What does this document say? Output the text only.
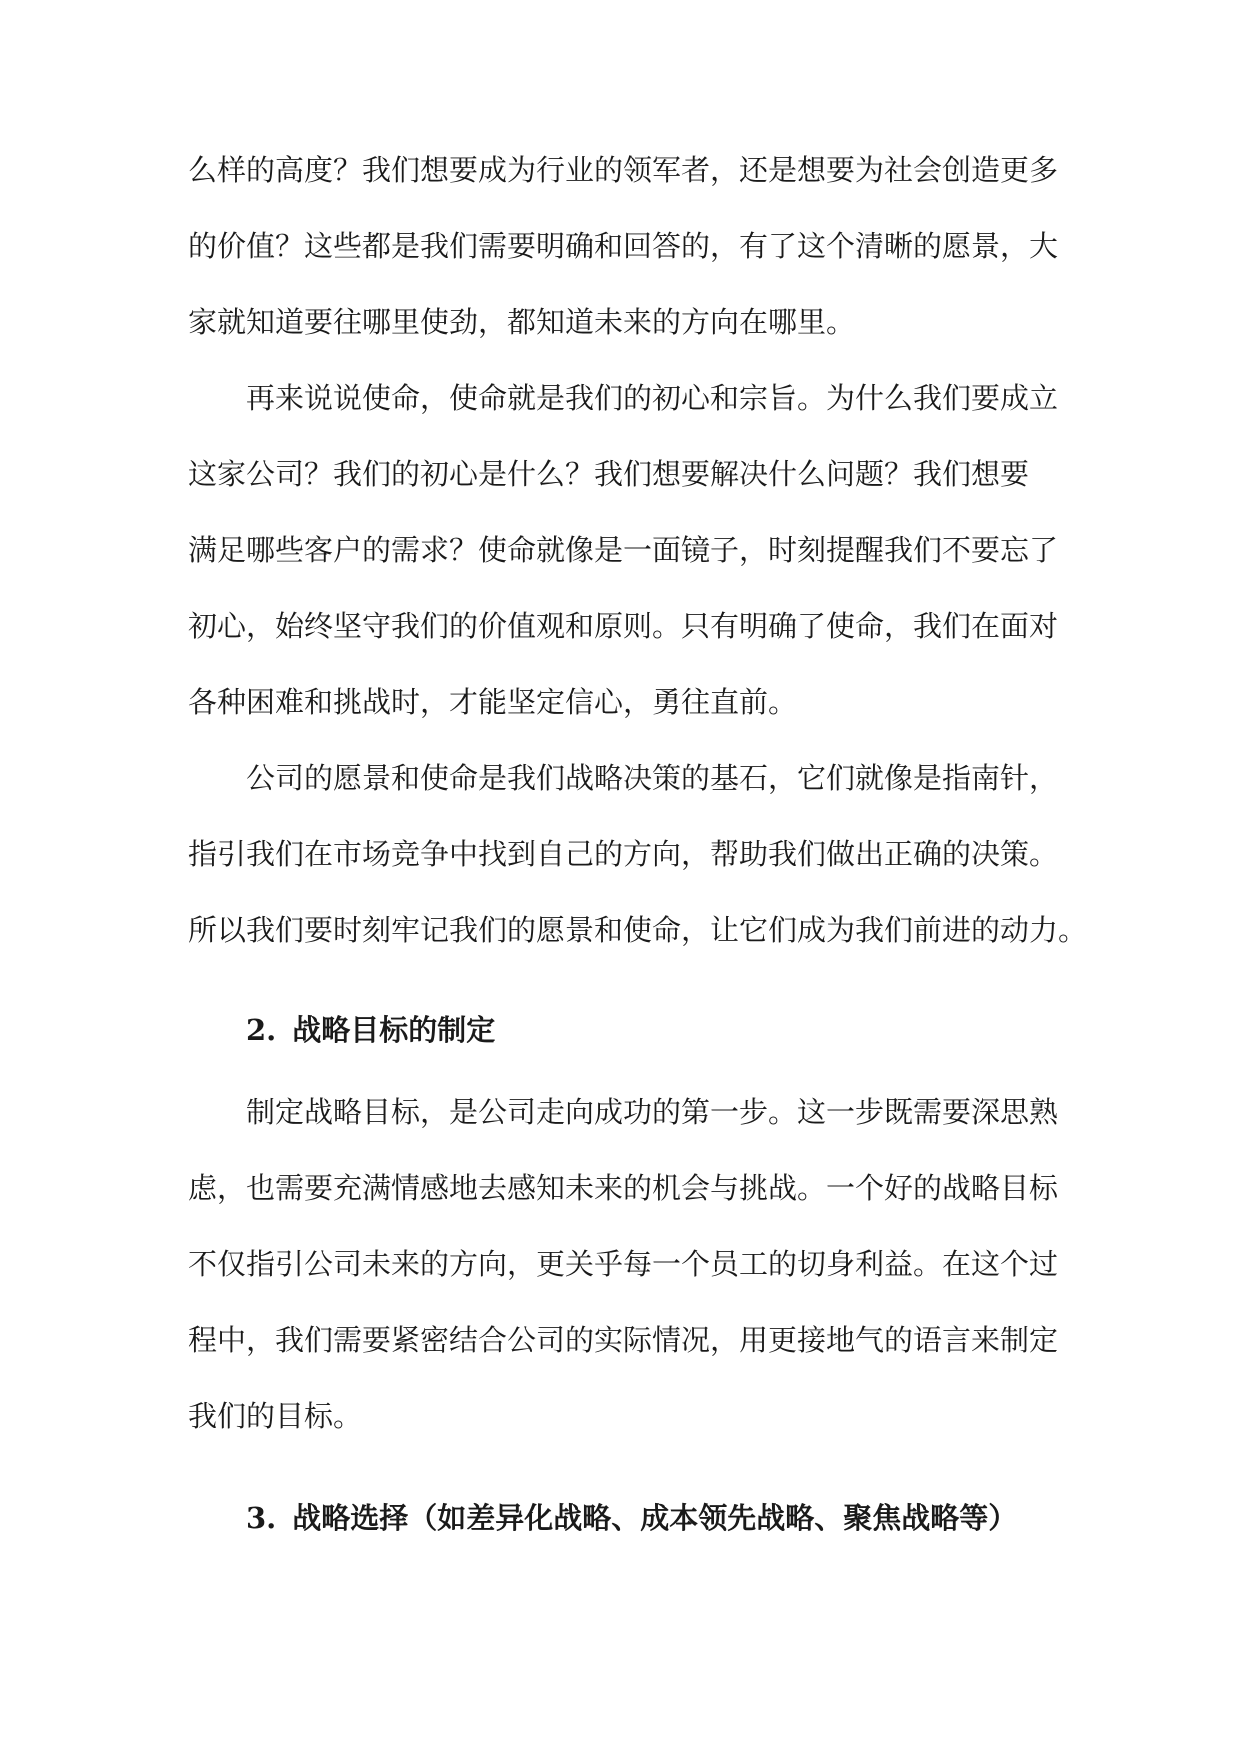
么样的高度？我们想要成为行业的领军者，还是想要为社会创造更多
的价值？这些都是我们需要明确和回答的，有了这个清晰的愿景，大
家就知道要往哪里使劲，都知道未来的方向在哪里。
再来说说使命，使命就是我们的初心和宗旨。为什么我们要成立
这家公司？我们的初心是什么？我们想要解决什么问题？我们想要
满足哪些客户的需求？使命就像是一面镜子，时刻提醒我们不要忘了
初心，始终坚守我们的价值观和原则。只有明确了使命，我们在面对
各种困难和挑战时，才能坚定信心，勇往直前。
公司的愿景和使命是我们战略决策的基石，它们就像是指南针，
指引我们在市场竞争中找到自己的方向，帮助我们做出正确的决策。
所以我们要时刻牢记我们的愿景和使命，让它们成为我们前进的动力。
2. 战略目标的制定
制定战略目标，是公司走向成功的第一步。这一步既需要深思熟
虑，也需要充满情感地去感知未来的机会与挑战。一个好的战略目标
不仅指引公司未来的方向，更关乎每一个员工的切身利益。在这个过
程中，我们需要紧密结合公司的实际情况，用更接地气的语言来制定
我们的目标。
3. 战略选择（如差异化战略、成本领先战略、聚焦战略等）
